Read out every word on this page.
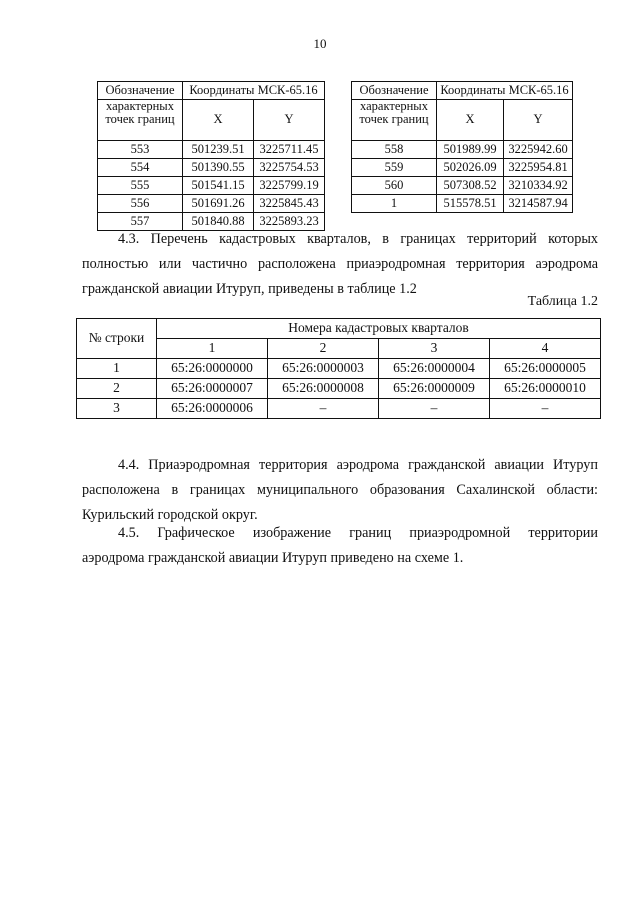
10
Обозначение	Координаты МСК-65.16	
характерных точек границ	X	Y
553	501239.51	3225711.45
554	501390.55	3225754.53
555	501541.15	3225799.19
556	501691.26	3225845.43
557	501840.88	3225893.23
Обозначение	Координаты МСК-65.16	
характерных точек границ	X	Y
558	501989.99	3225942.60
559	502026.09	3225954.81
560	507308.52	3210334.92
1	515578.51	3214587.94
4.3. Перечень кадастровых кварталов, в границах территорий которых
полностью или частично расположена приаэродромная территория аэродрома
гражданской авиации Итуруп, приведены в таблице 1.2
Таблица 1.2
№ строки	Номера кадастровых кварталов			
	1	2	3	4
1	65:26:0000000	65:26:0000003	65:26:0000004	65:26:0000005
2	65:26:0000007	65:26:0000008	65:26:0000009	65:26:0000010
3	65:26:0000006	–	–	–
4.4. Приаэродромная территория аэродрома гражданской авиации Итуруп
расположена в границах муниципального образования Сахалинской области:
Курильский городской округ.
4.5. Графическое изображение границ приаэродромной территории
аэродрома гражданской авиации Итуруп приведено на схеме 1.
